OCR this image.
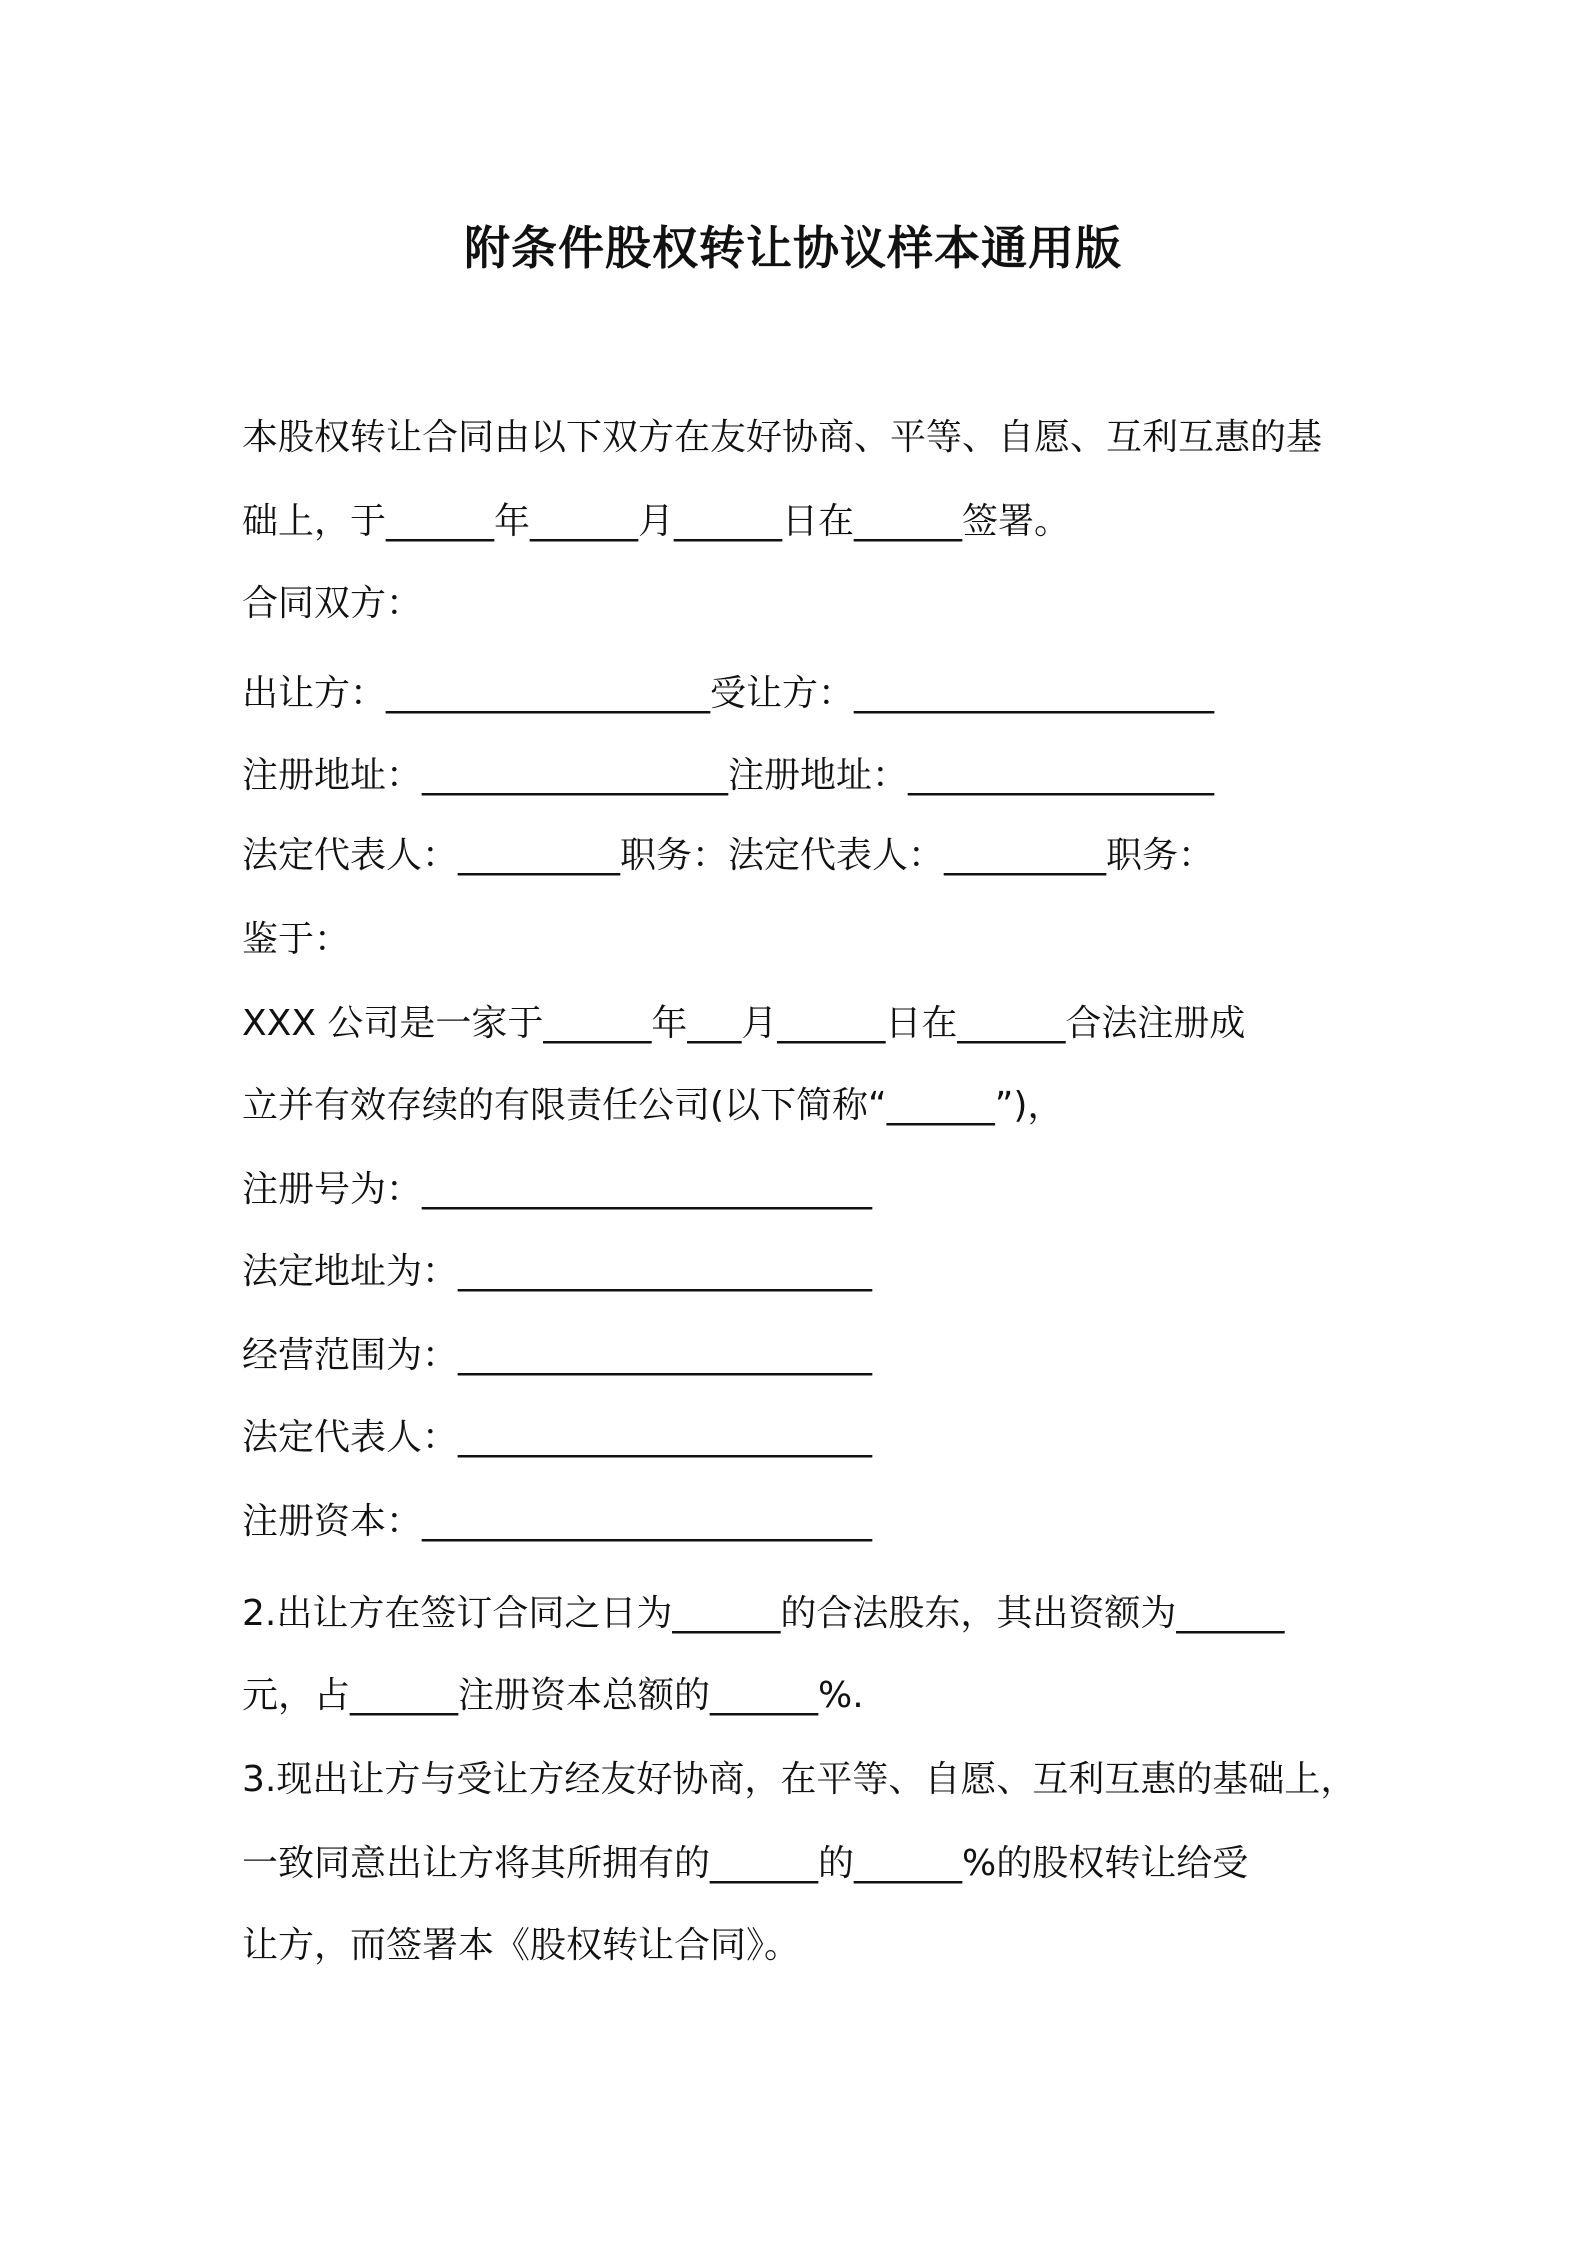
附条件股权转让协议样本通用版
本股权转让合同由以下双方在友好协商、平等、自愿、互利互惠的基
础上，于______年______月______日在______签署。
合同双方：
出让方：__________________受让方：____________________
注册地址：_________________注册地址：_________________
法定代表人：_________职务：法定代表人：_________职务：
鉴于：
XXX 公司是一家于______年___月______日在______合法注册成
立并有效存续的有限责任公司(以下简称“______”)，
注册号为：_________________________
法定地址为：_______________________
经营范围为：_______________________
法定代表人：_______________________
注册资本：_________________________
2.出让方在签订合同之日为______的合法股东，其出资额为______
元，占______注册资本总额的______%.
3.现出让方与受让方经友好协商，在平等、自愿、互利互惠的基础上，
一致同意出让方将其所拥有的______的______%的股权转让给受
让方，而签署本《股权转让合同》。
